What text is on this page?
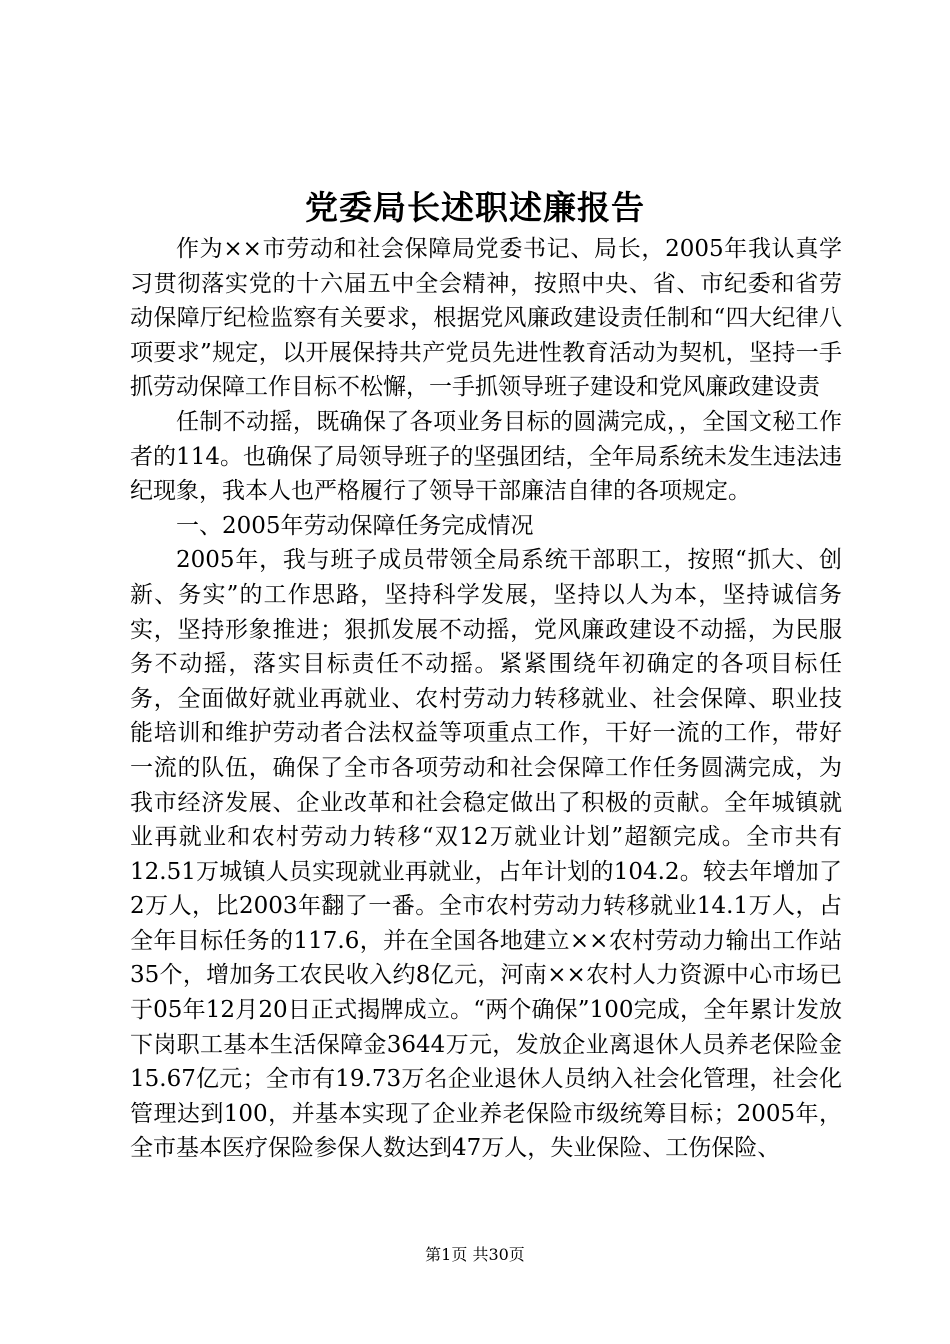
党委局长述职述廉报告

作为××市劳动和社会保障局党委书记、局长，2005年我认真学习贯彻落实党的十六届五中全会精神，按照中央、省、市纪委和省劳动保障厅纪检监察有关要求，根据党风廉政建设责任制和“四大纪律八项要求”规定，以开展保持共产党员先进性教育活动为契机，坚持一手抓劳动保障工作目标不松懈，一手抓领导班子建设和党风廉政建设责

任制不动摇，既确保了各项业务目标的圆满完成，，全国文秘工作者的114。也确保了局领导班子的坚强团结，全年局系统未发生违法违纪现象，我本人也严格履行了领导干部廉洁自律的各项规定。

一、2005年劳动保障任务完成情况

2005年，我与班子成员带领全局系统干部职工，按照“抓大、创新、务实”的工作思路，坚持科学发展，坚持以人为本，坚持诚信务实，坚持形象推进；狠抓发展不动摇，党风廉政建设不动摇，为民服务不动摇，落实目标责任不动摇。紧紧围绕年初确定的各项目标任务，全面做好就业再就业、农村劳动力转移就业、社会保障、职业技能培训和维护劳动者合法权益等项重点工作，干好一流的工作，带好一流的队伍，确保了全市各项劳动和社会保障工作任务圆满完成，为我市经济发展、企业改革和社会稳定做出了积极的贡献。全年城镇就业再就业和农村劳动力转移“双12万就业计划”超额完成。全市共有12.51万城镇人员实现就业再就业，占年计划的104.2。较去年增加了2万人，比2003年翻了一番。全市农村劳动力转移就业14.1万人，占全年目标任务的117.6，并在全国各地建立××农村劳动力输出工作站35个，增加务工农民收入约8亿元，河南××农村人力资源中心市场已于05年12月20日正式揭牌成立。“两个确保”100完成，全年累计发放下岗职工基本生活保障金3644万元，发放企业离退休人员养老保险金15.67亿元；全市有19.73万名企业退休人员纳入社会化管理，社会化管理达到100，并基本实现了企业养老保险市级统筹目标；2005年，全市基本医疗保险参保人数达到47万人，失业保险、工伤保险、

第1页 共30页
